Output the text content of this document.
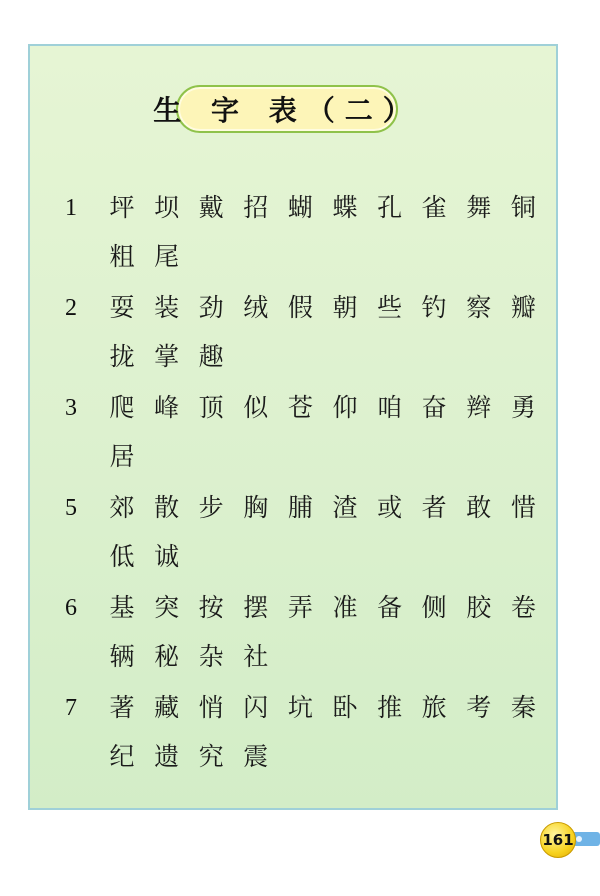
生 字 表（二）
1	坪 坝 戴 招 蝴 蝶 孔 雀 舞 铜
粗 尾
2	耍 装 劲 绒 假 朝 些 钓 察 瓣
拢 掌 趣
3	爬 峰 顶 似 苍 仰 咱 奋 辫 勇
居
5	郊 散 步 胸 脯 渣 或 者 敢 惜
低 诚
6	基 突 按 摆 弄 准 备 侧 胶 卷
辆 秘 杂 社
7	著 藏 悄 闪 坑 卧 推 旅 考 秦
纪 遗 究 震
161
